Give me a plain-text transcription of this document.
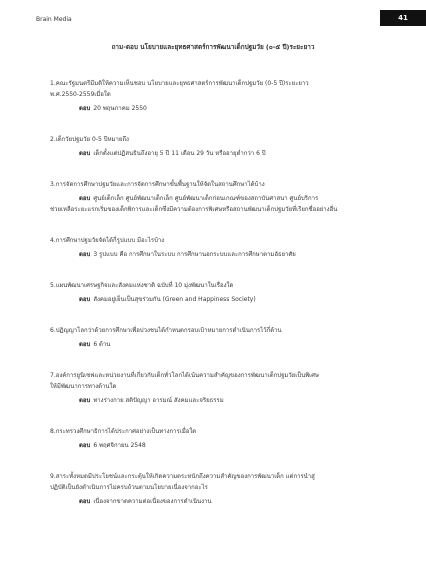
Brain Media	41
ถาม-ตอบ นโยบายและยุทธศาสตร์การพัฒนาเด็กปฐมวัย (๐-๕ ปี)ระยะยาว

1.คณะรัฐมนตรีมีมติให้ความเห็นชอบ นโยบายและยุทธศาสตร์การพัฒนาเด็กปฐมวัย (0-5 ปี)ระยะยาว

พ.ศ.2550-2559เมื่อใด

ตอบ 20 พฤษภาคม 2550

2.เด็กวัยปฐมวัย 0-5 ปีหมายถึง

ตอบ เด็กตั้งแต่ปฏิสนธินถึงอายุ 5 ปี 11 เดือน 29 วัน หรืออายุต่ำกว่า 6 ปี

3.การจัดการศึกษาปฐมวัยและการจัดการศึกษาขั้นพื้นฐานให้จัดในสถานศึกษาได้บ้าง

ตอบ ศูนย์เด็กเล็ก ศูนย์พัฒนาเด็กเล็ก ศูนย์พัฒนาเด็กก่อนเกณฑ์ของสถาบันศาสนา ศูนย์บริการ

ช่วยเหลือระยะแรกเริ่มของเด็กพิการและเด็กซึ่งมีความต้องการพิเศษหรือสถานพัฒนาเด็กปฐมวัยที่เรียกชื่ออย่างอื่น

4.การศึกษาปฐมวัยจัดได้กี่รูปแบบ มีอะไรบ้าง

ตอบ 3 รูปแบบ คือ การศึกษาในระบบ การศึกษานอกระบบและการศึกษาตามอัธยาศัย

5.แผนพัฒนาเศรษฐกิจและสังคมแห่งชาติ ฉบับที่ 10 มุ่งพัฒนาในเรื่องใด

ตอบ สังคมอยู่เย็นเป็นสุขร่วมกัน (Green and Happiness Society)

6.ปฏิญญาโลกว่าด้วยการศึกษาเพื่อปวงชนได้กำหนดกรอบเป้าหมายการดำเนินการไว้กี่ด้าน

ตอบ 6 ด้าน

7.องค์การยูนิเซฟและหน่วยงานที่เกี่ยวกับเด็กทั่วโลกได้เน้นความสำคัญของการพัฒนาเด็กปฐมวัยเป็นพิเศษ

ให้มีพัฒนาการทางด้านใด

ตอบ ทางร่างกาย สติปัญญา อารมณ์ สังคมและจริยธรรม

8.กระทรวงศึกษาธิการได้ประกาศอย่างเป็นทางการเมื่อใด

ตอบ 6 พฤศจิกายน 2548

9.สาระทั้งหมดมีประโยชน์และกระตุ้นให้เกิดความตระหนักถึงความสำคัญของการพัฒนาเด็ก แต่การนำสู่

ปฏิบัติเป็นยังดำเนินการไม่ครบถ้วนตามนโยบายเนื่องจากอะไร

ตอบ เนื่องจากขาดความต่อเนื่องของการดำเนินงาน
